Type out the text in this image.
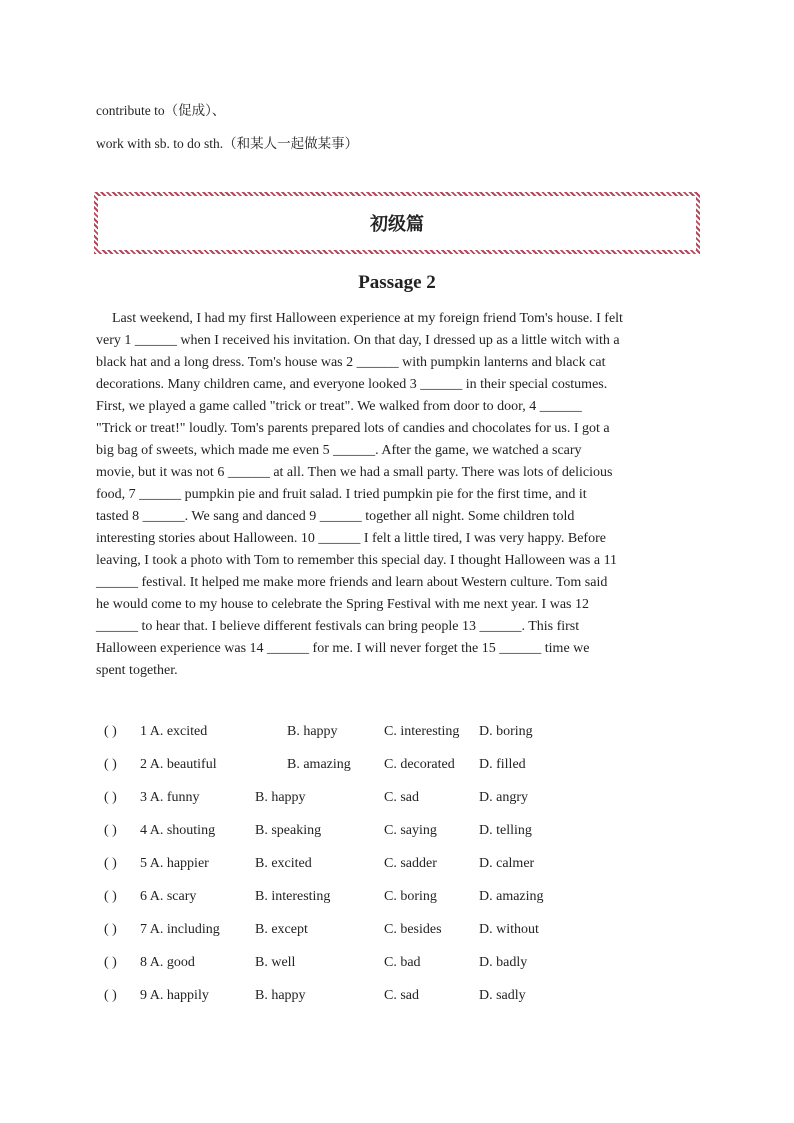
contribute to（促成）、
work with sb. to do sth.（和某人一起做某事）
初级篇
Passage 2
Last weekend, I had my first Halloween experience at my foreign friend Tom's house. I felt
very 1 ______ when I received his invitation. On that day, I dressed up as a little witch with a
black hat and a long dress. Tom's house was 2 ______ with pumpkin lanterns and black cat
decorations. Many children came, and everyone looked 3 ______ in their special costumes.
First, we played a game called "trick or treat". We walked from door to door, 4 ______
"Trick or treat!" loudly. Tom's parents prepared lots of candies and chocolates for us. I got a
big bag of sweets, which made me even 5 ______. After the game, we watched a scary
movie, but it was not 6 ______ at all. Then we had a small party. There was lots of delicious
food, 7 ______ pumpkin pie and fruit salad. I tried pumpkin pie for the first time, and it
tasted 8 ______. We sang and danced 9 ______ together all night. Some children told
interesting stories about Halloween. 10 ______ I felt a little tired, I was very happy. Before
leaving, I took a photo with Tom to remember this special day. I thought Halloween was a 11
______ festival. It helped me make more friends and learn about Western culture. Tom said
he would come to my house to celebrate the Spring Festival with me next year. I was 12
______ to hear that. I believe different festivals can bring people 13 ______. This first
Halloween experience was 14 ______ for me. I will never forget the 15 ______ time we
spent together.
( ) 1 A. excited	B. happy	C. interesting D. boring
( ) 2 A. beautiful	B. amazing C. decorated D. filled
( ) 3 A. funny	B. happy	C. sad	D. angry
( ) 4 A. shouting	B. speaking	C. saying	D. telling
( ) 5 A. happier	B. excited	C. sadder	D. calmer
( ) 6 A. scary	B. interesting	C. boring	D. amazing
( ) 7 A. including	B. except	C. besides	D. without
( ) 8 A. good	B. well	C. bad	D. badly
( ) 9 A. happily	B. happy	C. sad	D. sadly
